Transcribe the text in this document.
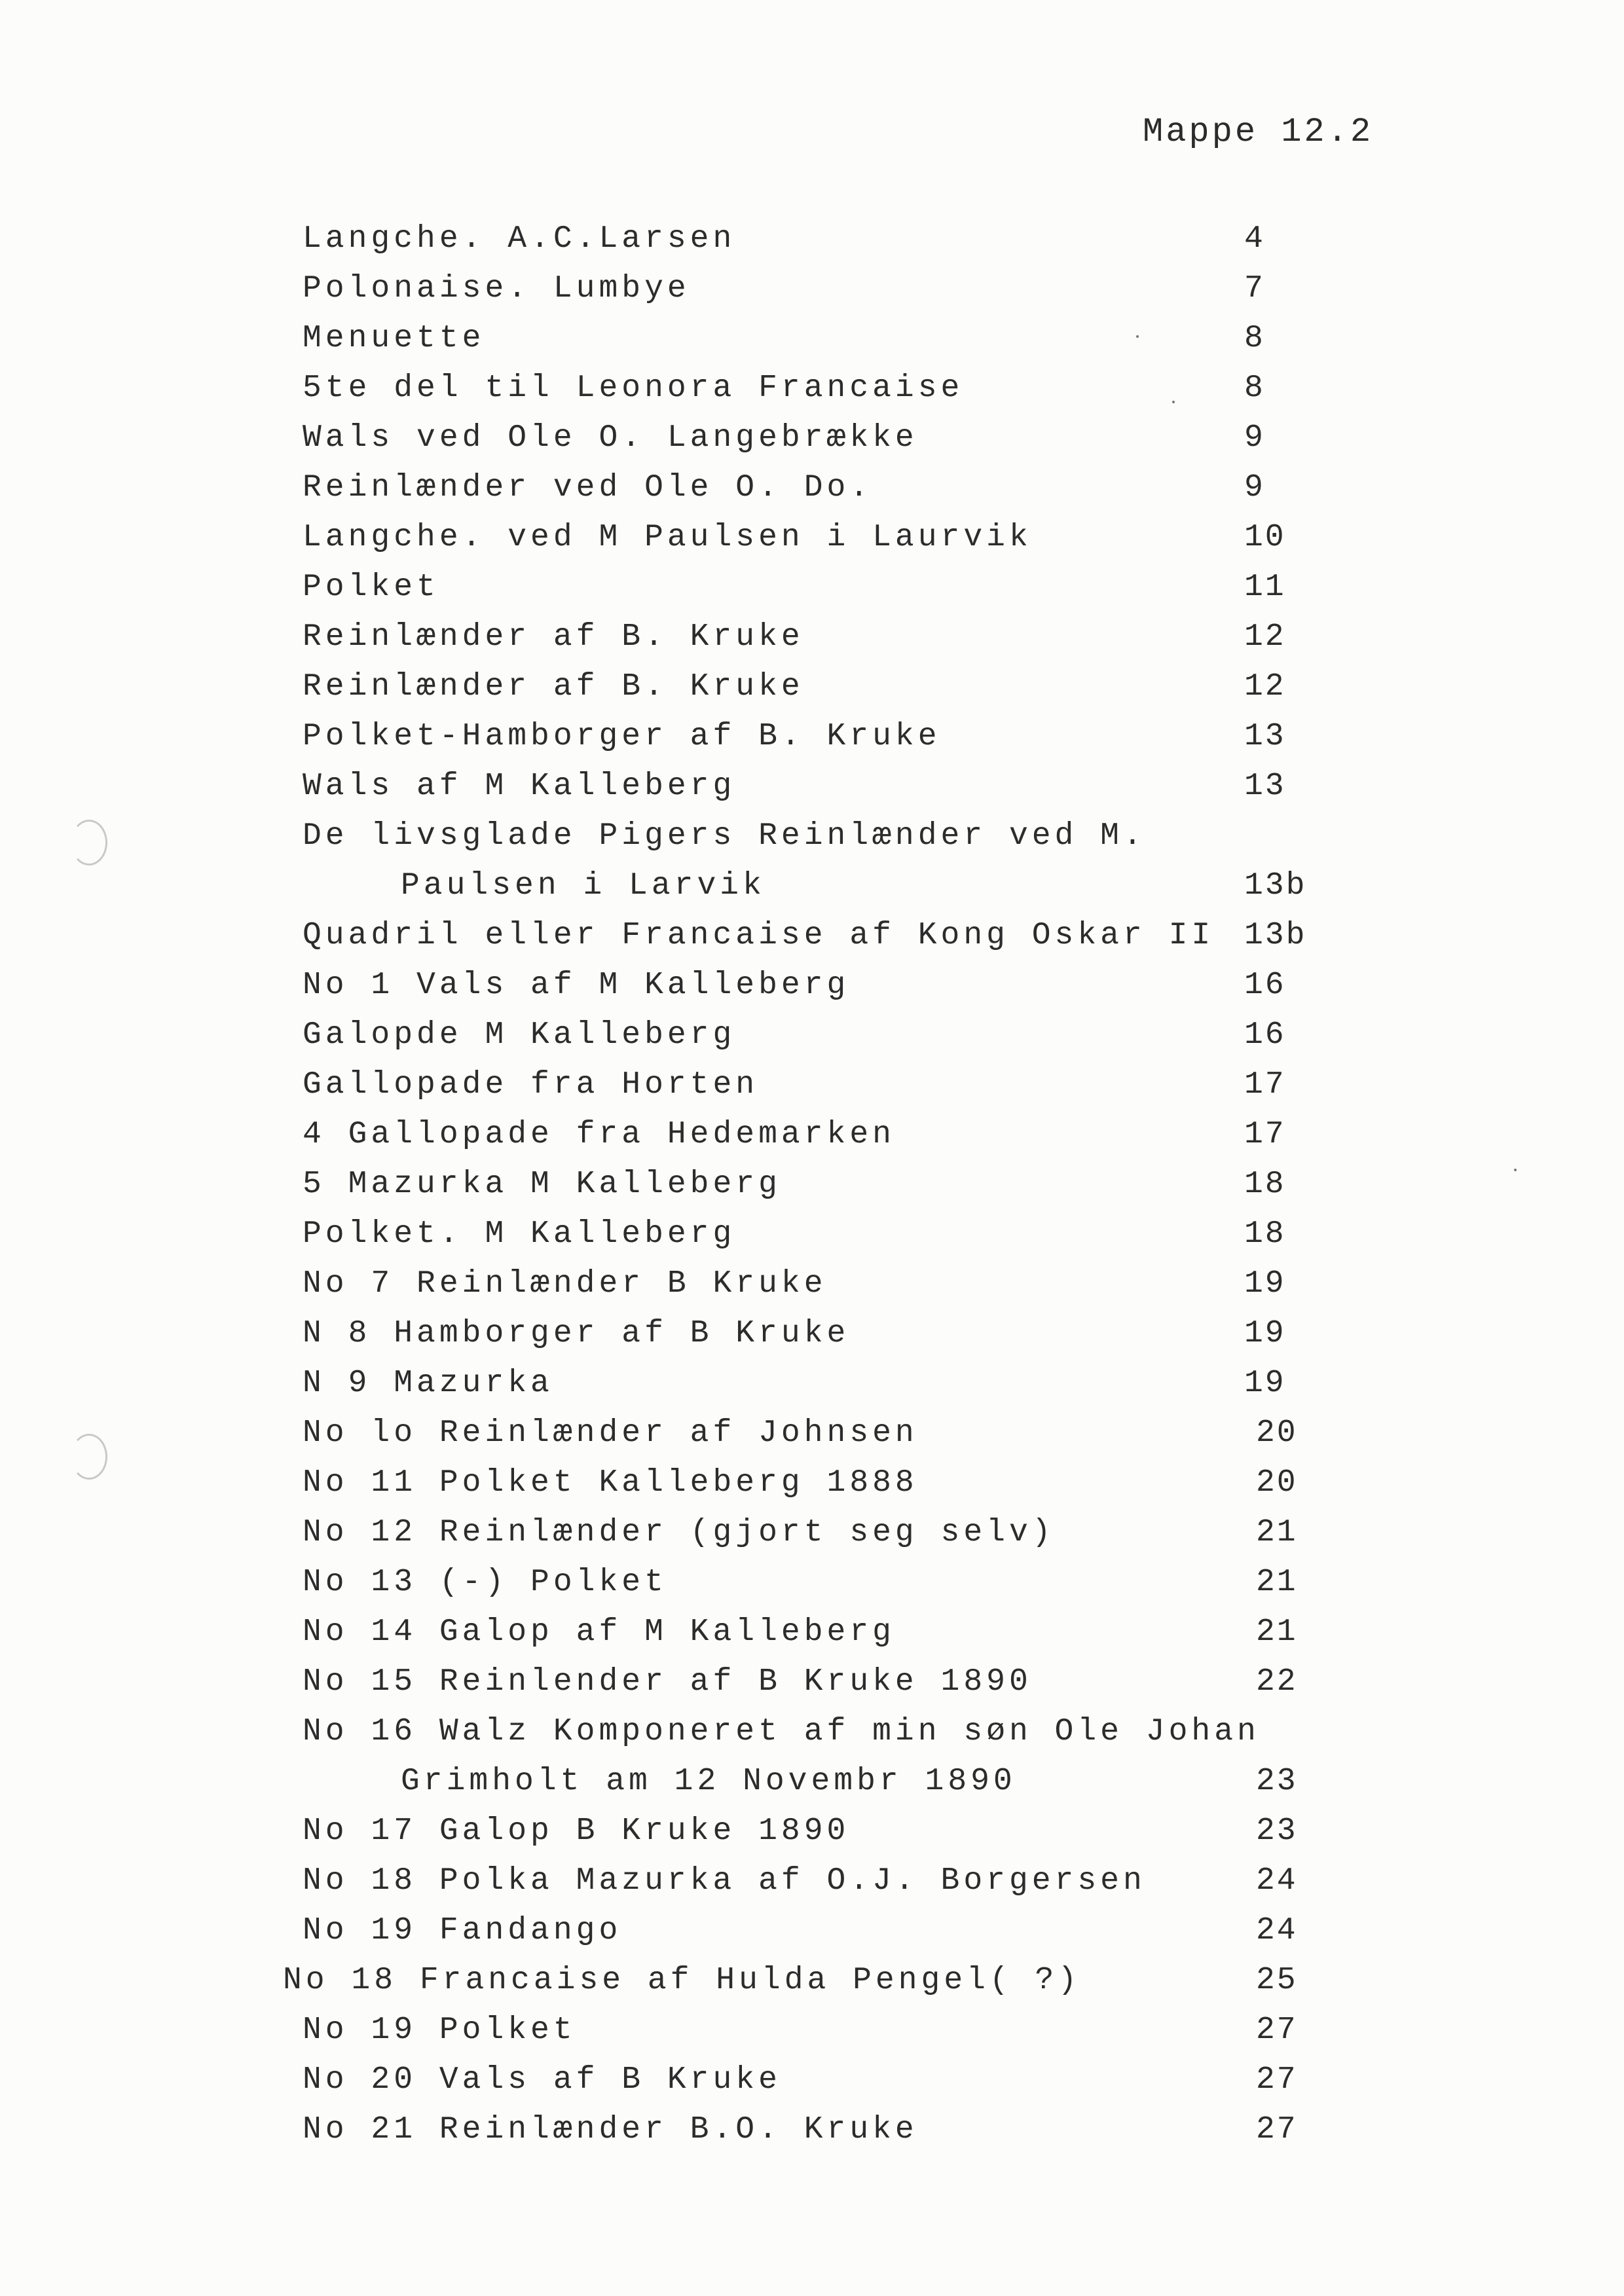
Mappe 12.2
Langche. A.C.Larsen	4
Polonaise. Lumbye	7
Menuette	8
5te del til Leonora Francaise	8
Wals ved Ole O. Langebrække	9
Reinlænder ved Ole O. Do.	9
Langche. ved M Paulsen i Laurvik	10
Polket	11
Reinlænder af B. Kruke	12
Reinlænder af B. Kruke	12
Polket-Hamborger af B. Kruke	13
Wals af M Kalleberg	13
De livsglade Pigers Reinlænder ved M.
Paulsen i Larvik	13b
Quadril eller Francaise af Kong Oskar II 13b
No 1 Vals af M Kalleberg	16
Galopde M Kalleberg	16
Gallopade fra Horten	17
4 Gallopade fra Hedemarken	17
5 Mazurka M Kalleberg	18
Polket. M Kalleberg	18
No 7 Reinlænder B Kruke	19
N 8 Hamborger af B Kruke	19
N 9 Mazurka	19
No lo Reinlænder af Johnsen	20
No 11 Polket Kalleberg 1888	20
No 12 Reinlænder (gjort seg selv)	21
No 13 (-) Polket	21
No 14 Galop af M Kalleberg	21
No 15 Reinlender af B Kruke 1890	22
No 16 Walz Komponeret af min søn Ole Johan
Grimholt am 12 Novembr 1890	23
No 17 Galop B Kruke 1890	23
No 18 Polka Mazurka af O.J. Borgersen	24
No 19 Fandango	24
No 18 Francaise af Hulda Pengel( ?)	25
No 19 Polket	27
No 20 Vals af B Kruke	27
No 21 Reinlænder B.O. Kruke	27
